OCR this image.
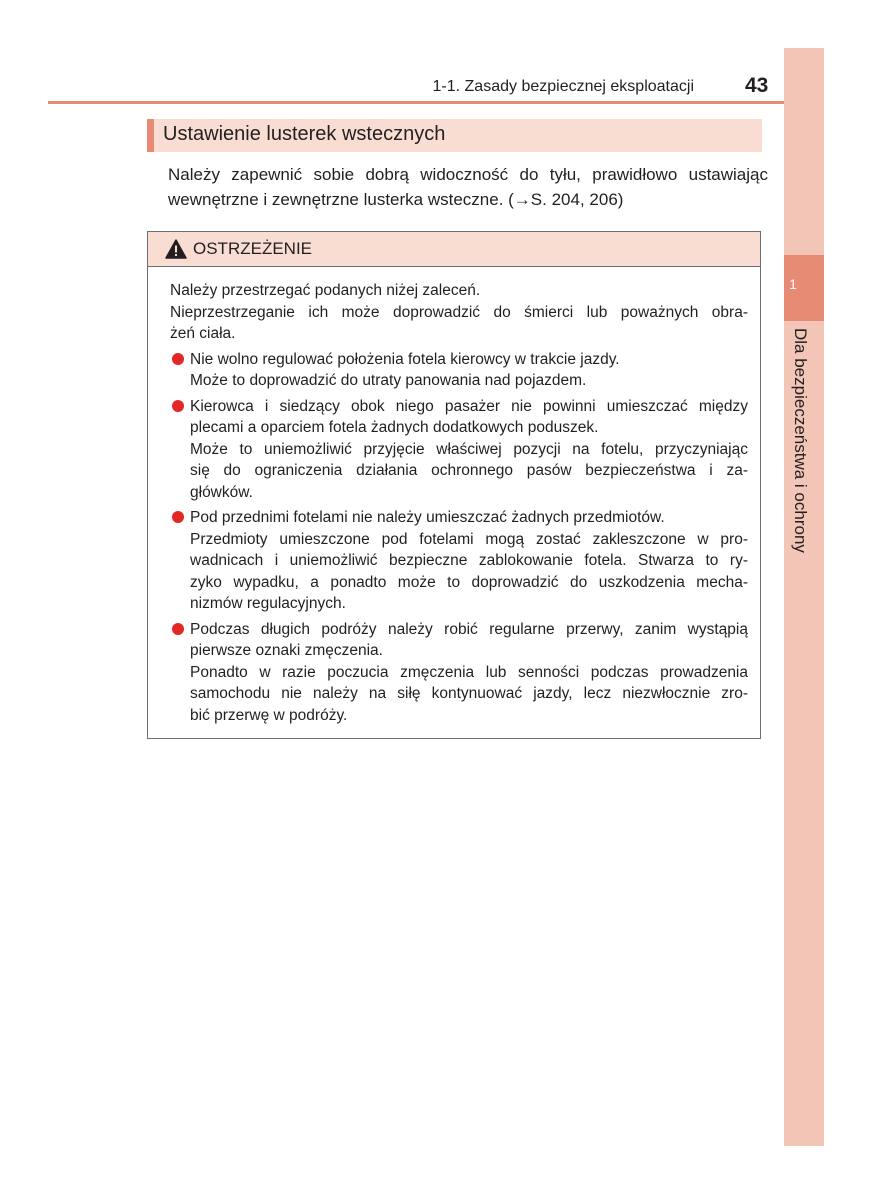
1
Dla bezpieczeństwa i ochrony
1-1. Zasady bezpiecznej eksploatacji 43
Ustawienie lusterek wstecznych
Należy zapewnić sobie dobrą widoczność do tyłu, prawidłowo ustawiając
wewnętrzne i zewnętrzne lusterka wsteczne. (→S. 204, 206)
OSTRZEŻENIE

Należy przestrzegać podanych niżej zaleceń.
Nieprzestrzeganie ich może doprowadzić do śmierci lub poważnych obra-
żeń ciała.

Nie wolno regulować położenia fotela kierowcy w trakcie jazdy.
Może to doprowadzić do utraty panowania nad pojazdem.
Kierowca i siedzący obok niego pasażer nie powinni umieszczać między
plecami a oparciem fotela żadnych dodatkowych poduszek.
Może to uniemożliwić przyjęcie właściwej pozycji na fotelu, przyczyniając
się do ograniczenia działania ochronnego pasów bezpieczeństwa i za-
główków.
Pod przednimi fotelami nie należy umieszczać żadnych przedmiotów.
Przedmioty umieszczone pod fotelami mogą zostać zakleszczone w pro-
wadnicach i uniemożliwić bezpieczne zablokowanie fotela. Stwarza to ry-
zyko wypadku, a ponadto może to doprowadzić do uszkodzenia mecha-
nizmów regulacyjnych.
Podczas długich podróży należy robić regularne przerwy, zanim wystąpią
pierwsze oznaki zmęczenia.
Ponadto w razie poczucia zmęczenia lub senności podczas prowadzenia
samochodu nie należy na siłę kontynuować jazdy, lecz niezwłocznie zro-
bić przerwę w podróży.
